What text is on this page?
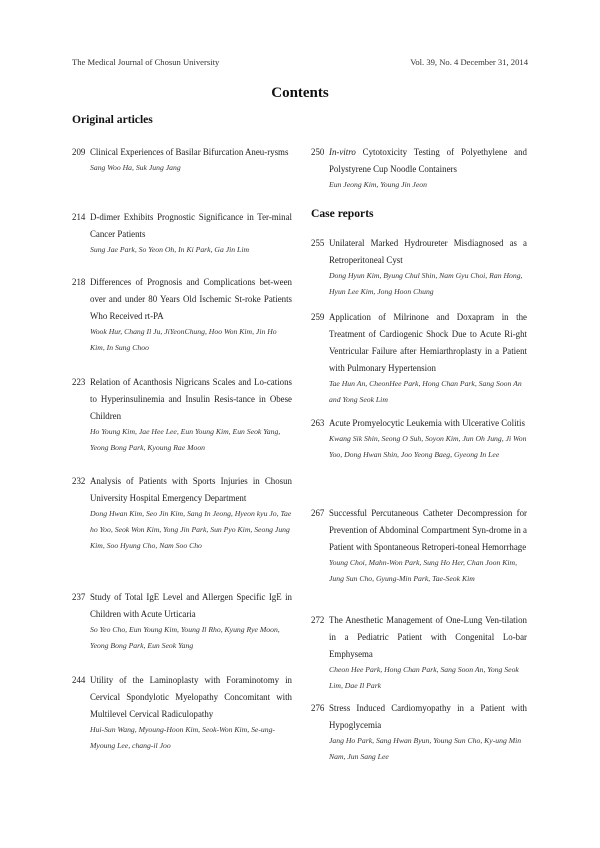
The Medical Journal of Chosun University	Vol. 39, No. 4 December 31, 2014
Contents
Original articles
209 Clinical Experiences of Basilar Bifurcation Aneu-rysms
Sang Woo Ha, Suk Jung Jang
214 D-dimer Exhibits Prognostic Significance in Ter-minal Cancer Patients
Sung Jae Park, So Yeon Oh, In Ki Park, Ga Jin Lim
218 Differences of Prognosis and Complications bet-ween over and under 80 Years Old Ischemic St-roke Patients Who Received rt-PA
Wook Hur, Chang Il Ju, JiYeonChung, Hoo Won Kim, Jin Ho Kim, In Sung Choo
223 Relation of Acanthosis Nigricans Scales and Lo-cations to Hyperinsulinemia and Insulin Resis-tance in Obese Children
Ho Young Kim, Jae Hee Lee, Eun Young Kim, Eun Seok Yang, Yeong Bong Park, Kyoung Rae Moon
232 Analysis of Patients with Sports Injuries in Chosun University Hospital Emergency Department
Dong Hwan Kim, Seo Jin Kim, Sang In Jeong, Hyeon kyu Jo, Tae ho Yoo, Seok Won Kim, Yong Jin Park, Sun Pyo Kim, Seong Jung Kim, Soo Hyung Cho, Nam Soo Cho
237 Study of Total IgE Level and Allergen Specific IgE in Children with Acute Urticaria
So Yeo Cho, Eun Young Kim, Young Il Rho, Kyung Rye Moon, Yeong Bong Park, Eun Seok Yang
244 Utility of the Laminoplasty with Foraminotomy in Cervical Spondylotic Myelopathy Concomitant with Multilevel Cervical Radiculopathy
Hui-Sun Wang, Myoung-Hoon Kim, Seok-Won Kim, Se-ung-Myoung Lee, chang-il Joo
250 In-vitro Cytotoxicity Testing of Polyethylene and Polystyrene Cup Noodle Containers
Eun Jeong Kim, Young Jin Jeon
Case reports
255 Unilateral Marked Hydroureter Misdiagnosed as a Retroperitoneal Cyst
Dong Hyun Kim, Byung Chul Shin, Nam Gyu Choi, Ran Hong, Hyun Lee Kim, Jong Hoon Chung
259 Application of Milrinone and Doxapram in the Treatment of Cardiogenic Shock Due to Acute Ri-ght Ventricular Failure after Hemiarthroplasty in a Patient with Pulmonary Hypertension
Tae Hun An, CheonHee Park, Hong Chan Park, Sang Soon An and Yong Seok Lim
263 Acute Promyelocytic Leukemia with Ulcerative Colitis
Kwang Sik Shin, Seong O Suh, Soyon Kim, Jun Oh Jung, Ji Won Yoo, Dong Hwan Shin, Joo Yeong Baeg, Gyeong In Lee
267 Successful Percutaneous Catheter Decompression for Prevention of Abdominal Compartment Syn-drome in a Patient with Spontaneous Retroperi-toneal Hemorrhage
Young Choi, Mahn-Won Park, Sung Ho Her, Chan Joon Kim, Jung Sun Cho, Gyung-Min Park, Tae-Seok Kim
272 The Anesthetic Management of One-Lung Ven-tilation in a Pediatric Patient with Congenital Lo-bar Emphysema
Cheon Hee Park, Hong Chan Park, Sang Soon An, Yong Seok Lim, Dae Il Park
276 Stress Induced Cardiomyopathy in a Patient with Hypoglycemia
Jang Ho Park, Sang Hwan Byun, Young Sun Cho, Ky-ung Min Nam, Jun Sang Lee
